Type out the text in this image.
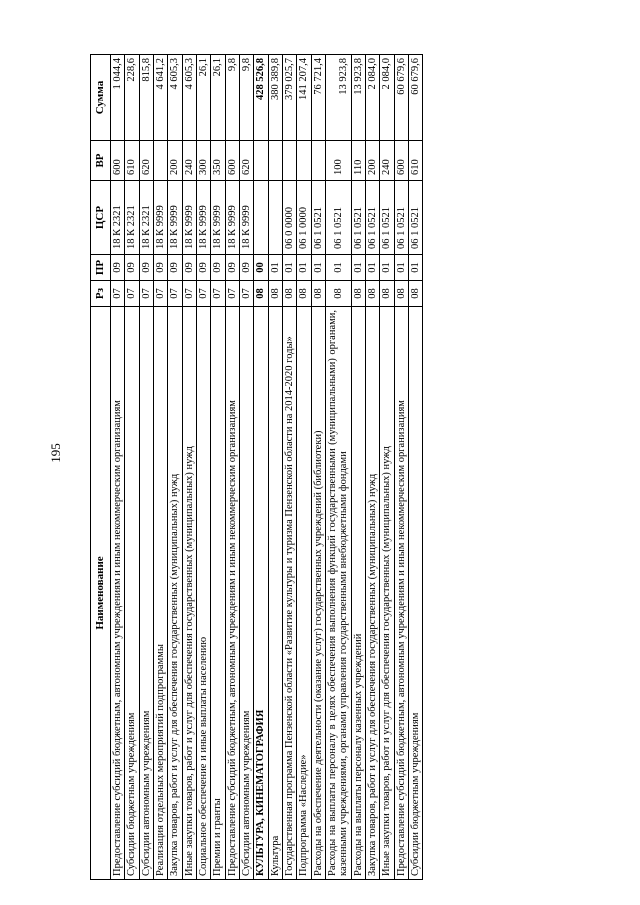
195
Наименование	Рз	ПР	ЦСР	ВР	Сумма
Предоставление субсидий бюджетным, автономным учреждениям и иным некоммерческим организациям	07	09	18 К 2321	600	1 044,4
Субсидии бюджетным учреждениям	07	09	18 К 2321	610	228,6
Субсидии автономным учреждениям	07	09	18 К 2321	620	815,8
Реализация отдельных мероприятий подпрограммы	07	09	18 К 9999		4 641,2
Закупка товаров, работ и услуг для обеспечения государственных (муниципальных) нужд	07	09	18 К 9999	200	4 605,3
Иные закупки товаров, работ и услуг для обеспечения государственных (муниципальных) нужд	07	09	18 К 9999	240	4 605,3
Социальное обеспечение и иные выплаты населению	07	09	18 К 9999	300	26,1
Премии и гранты	07	09	18 К 9999	350	26,1
Предоставление субсидий бюджетным, автономным учреждениям и иным некоммерческим организациям	07	09	18 К 9999	600	9,8
Субсидии автономным учреждениям	07	09	18 К 9999	620	9,8
КУЛЬТУРА, КИНЕМАТОГРАФИЯ	08	00			428 526,8
Культура	08	01			380 389,8
Государственная программа Пензенской области «Развитие культуры и туризма Пензенской области на 2014-2020 годы»	08	01	06 0 0000		379 025,7
Подпрограмма «Наследие»	08	01	06 1 0000		141 207,4
Расходы на обеспечение деятельности (оказание услуг) государственных учреждений (библиотеки)	08	01	06 1 0521		76 721,4
Расходы на выплаты персоналу в целях обеспечения выполнения функций государственными (муниципальными) органами, казенными учреждениями, органами управления государственными внебюджетными фондами	08	01	06 1 0521	100	13 923,8
Расходы на выплаты персоналу казенных учреждений	08	01	06 1 0521	110	13 923,8
Закупка товаров, работ и услуг для обеспечения государственных (муниципальных) нужд	08	01	06 1 0521	200	2 084,0
Иные закупки товаров, работ и услуг для обеспечения государственных (муниципальных) нужд	08	01	06 1 0521	240	2 084,0
Предоставление субсидий бюджетным, автономным учреждениям и иным некоммерческим организациям	08	01	06 1 0521	600	60 679,6
Субсидии бюджетным учреждениям	08	01	06 1 0521	610	60 679,6
